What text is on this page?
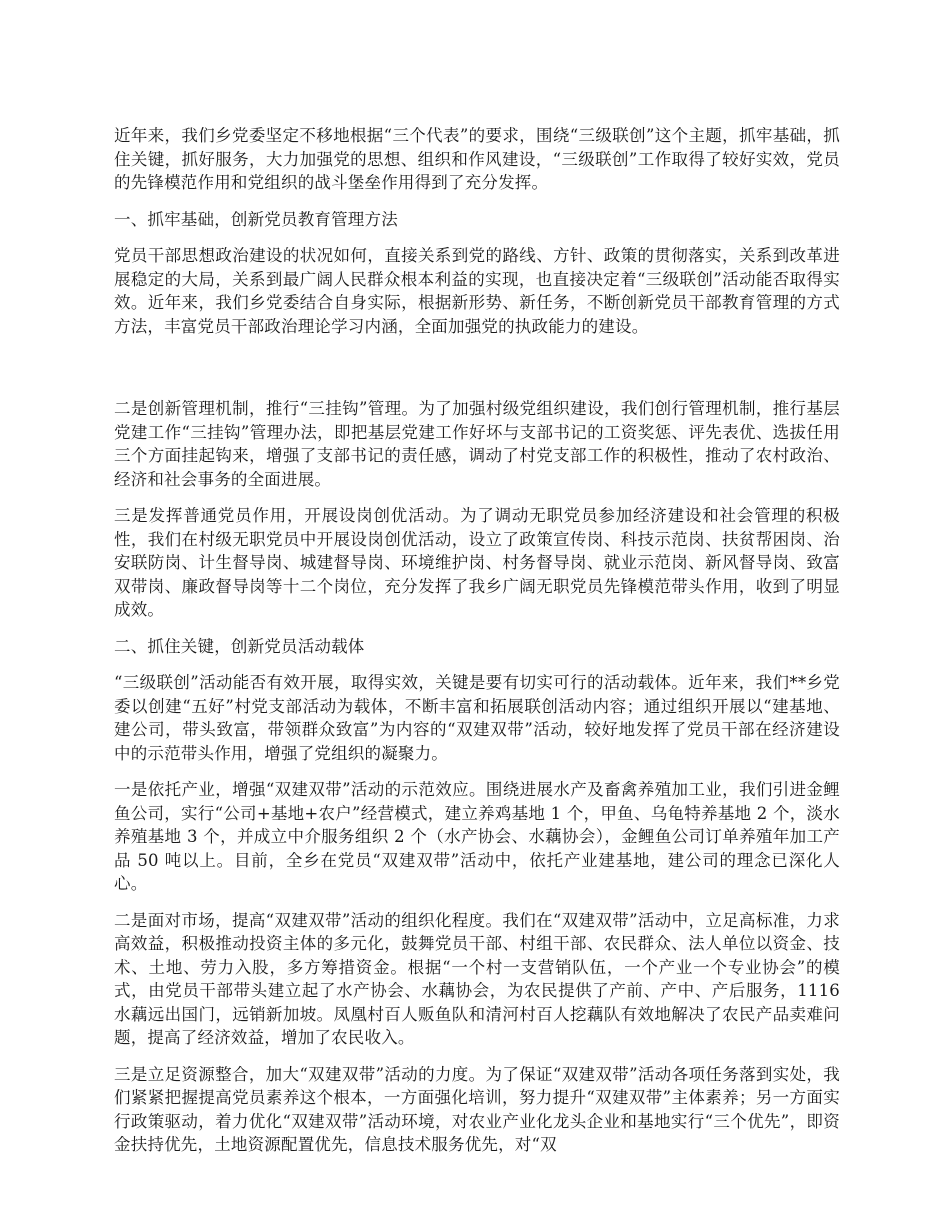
近年来，我们乡党委坚定不移地根据“三个代表”的要求，围绕“三级联创”这个主题，抓牢基础，抓住关键，抓好服务，大力加强党的思想、组织和作风建设，“三级联创”工作取得了较好实效，党员的先锋模范作用和党组织的战斗堡垒作用得到了充分发挥。

一、抓牢基础，创新党员教育管理方法

党员干部思想政治建设的状况如何，直接关系到党的路线、方针、政策的贯彻落实，关系到改革进展稳定的大局，关系到最广阔人民群众根本利益的实现，也直接决定着“三级联创”活动能否取得实效。近年来，我们乡党委结合自身实际，根据新形势、新任务，不断创新党员干部教育管理的方式方法，丰富党员干部政治理论学习内涵，全面加强党的执政能力的建设。

二是创新管理机制，推行“三挂钩”管理。为了加强村级党组织建设，我们创行管理机制，推行基层党建工作“三挂钩”管理办法，即把基层党建工作好坏与支部书记的工资奖惩、评先表优、选拔任用三个方面挂起钩来，增强了支部书记的责任感，调动了村党支部工作的积极性，推动了农村政治、经济和社会事务的全面进展。

三是发挥普通党员作用，开展设岗创优活动。为了调动无职党员参加经济建设和社会管理的积极性，我们在村级无职党员中开展设岗创优活动，设立了政策宣传岗、科技示范岗、扶贫帮困岗、治安联防岗、计生督导岗、城建督导岗、环境维护岗、村务督导岗、就业示范岗、新风督导岗、致富双带岗、廉政督导岗等十二个岗位，充分发挥了我乡广阔无职党员先锋模范带头作用，收到了明显成效。

二、抓住关键，创新党员活动载体

“三级联创”活动能否有效开展，取得实效，关键是要有切实可行的活动载体。近年来，我们**乡党委以创建“五好”村党支部活动为载体，不断丰富和拓展联创活动内容；通过组织开展以“建基地、建公司，带头致富，带领群众致富”为内容的“双建双带”活动，较好地发挥了党员干部在经济建设中的示范带头作用，增强了党组织的凝聚力。

一是依托产业，增强“双建双带”活动的示范效应。围绕进展水产及畜禽养殖加工业，我们引进金鲤鱼公司，实行“公司+基地+农户”经营模式，建立养鸡基地 1 个，甲鱼、乌龟特养基地 2 个，淡水养殖基地 3 个，并成立中介服务组织 2 个（水产协会、水藕协会），金鲤鱼公司订单养殖年加工产品 50 吨以上。目前，全乡在党员“双建双带”活动中，依托产业建基地，建公司的理念已深化人心。

二是面对市场，提高“双建双带”活动的组织化程度。我们在“双建双带”活动中，立足高标准，力求高效益，积极推动投资主体的多元化，鼓舞党员干部、村组干部、农民群众、法人单位以资金、技术、土地、劳力入股，多方筹措资金。根据“一个村一支营销队伍，一个产业一个专业协会”的模式，由党员干部带头建立起了水产协会、水藕协会，为农民提供了产前、产中、产后服务，1116 水藕远出国门，远销新加坡。凤凰村百人贩鱼队和清河村百人挖藕队有效地解决了农民产品卖难问题，提高了经济效益，增加了农民收入。

三是立足资源整合，加大“双建双带”活动的力度。为了保证“双建双带”活动各项任务落到实处，我们紧紧把握提高党员素养这个根本，一方面强化培训，努力提升“双建双带”主体素养；另一方面实行政策驱动，着力优化“双建双带”活动环境，对农业产业化龙头企业和基地实行“三个优先”，即资金扶持优先，土地资源配置优先，信息技术服务优先，对“双
